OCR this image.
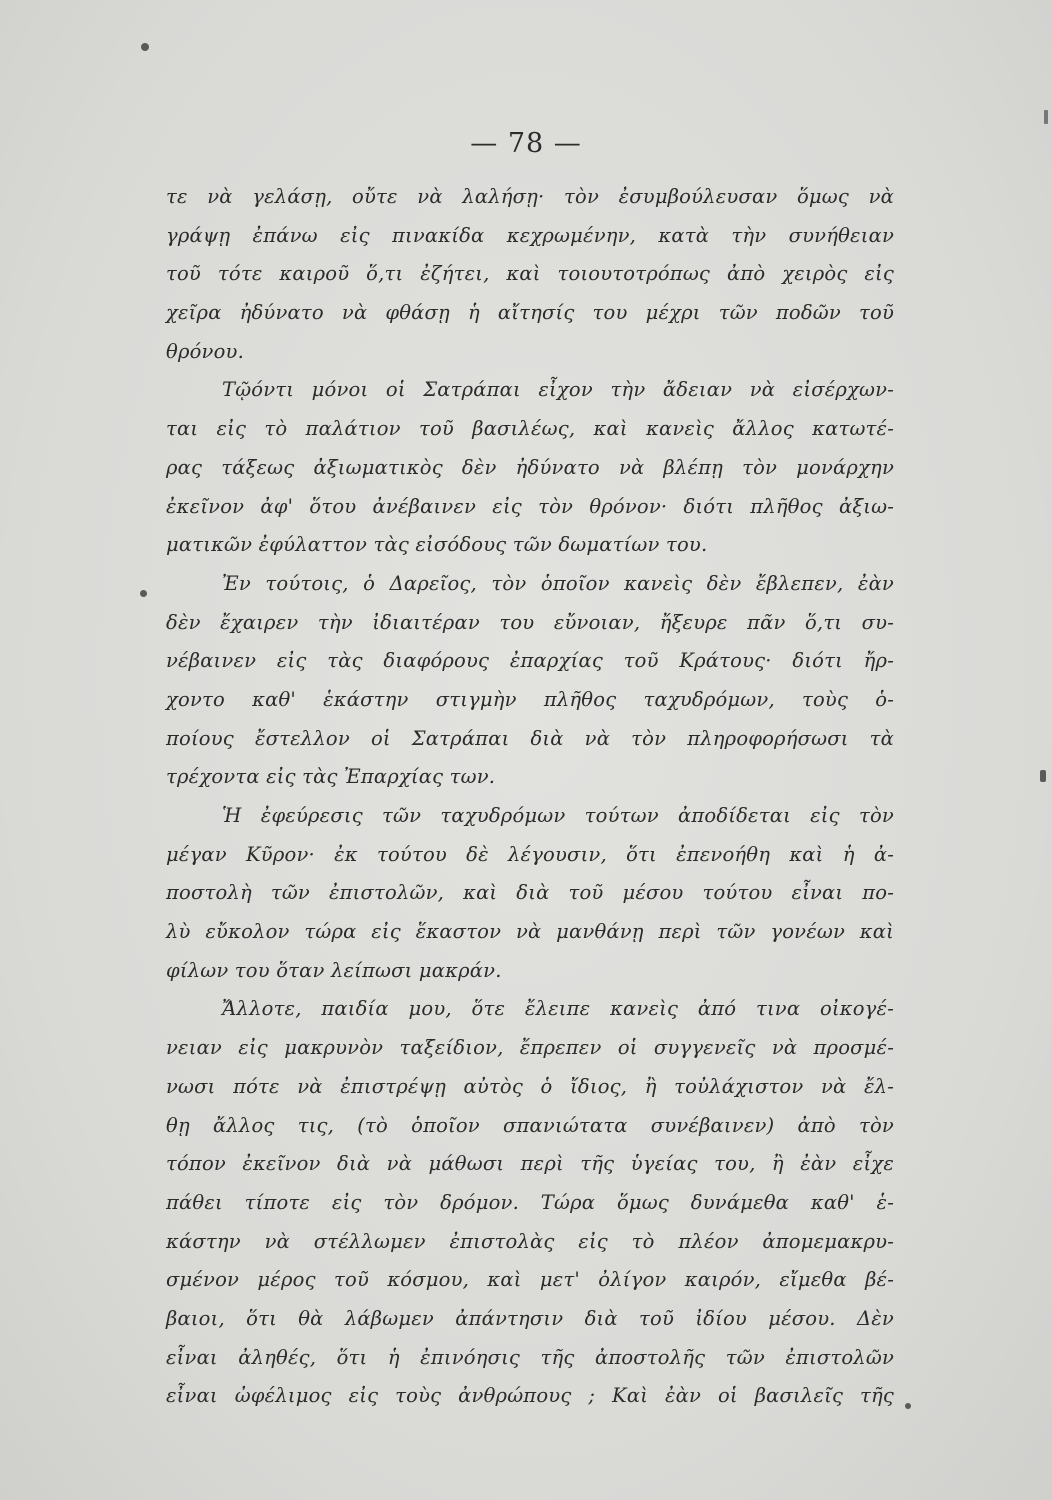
— 78 —
τε νὰ γελάσῃ, οὔτε νὰ λαλήσῃ· τὸν ἐσυμβούλευσαν ὅμως νὰ
γράψῃ ἐπάνω εἰς πινακίδα κεχρωμένην, κατὰ τὴν συνήθειαν
τοῦ τότε καιροῦ ὅ,τι ἐζήτει, καὶ τοιουτοτρόπως ἀπὸ χειρὸς εἰς
χεῖρα ἠδύνατο νὰ φθάσῃ ἡ αἴτησίς του μέχρι τῶν ποδῶν τοῦ
θρόνου.
Τῷόντι μόνοι οἱ Σατράπαι εἶχον τὴν ἄδειαν νὰ εἰσέρχων-
ται εἰς τὸ παλάτιον τοῦ βασιλέως, καὶ κανεὶς ἄλλος κατωτέ-
ρας τάξεως ἀξιωματικὸς δὲν ἠδύνατο νὰ βλέπῃ τὸν μονάρχην
ἐκεῖνον ἀφ' ὅτου ἀνέβαινεν εἰς τὸν θρόνον· διότι πλῆθος ἀξιω-
ματικῶν ἐφύλαττον τὰς εἰσόδους τῶν δωματίων του.
Ἐν τούτοις, ὁ Δαρεῖος, τὸν ὁποῖον κανεὶς δὲν ἔβλεπεν, ἐὰν
δὲν ἔχαιρεν τὴν ἰδιαιτέραν του εὔνοιαν, ἤξευρε πᾶν ὅ,τι συ-
νέβαινεν εἰς τὰς διαφόρους ἐπαρχίας τοῦ Κράτους· διότι ἤρ-
χοντο καθ' ἑκάστην στιγμὴν πλῆθος ταχυδρόμων, τοὺς ὁ-
ποίους ἔστελλον οἱ Σατράπαι διὰ νὰ τὸν πληροφορήσωσι τὰ
τρέχοντα εἰς τὰς Ἐπαρχίας των.
Ἡ ἐφεύρεσις τῶν ταχυδρόμων τούτων ἀποδίδεται εἰς τὸν
μέγαν Κῦρον· ἐκ τούτου δὲ λέγουσιν, ὅτι ἐπενοήθη καὶ ἡ ἀ-
ποστολὴ τῶν ἐπιστολῶν, καὶ διὰ τοῦ μέσου τούτου εἶναι πο-
λὺ εὔκολον τώρα εἰς ἕκαστον νὰ μανθάνῃ περὶ τῶν γονέων καὶ
φίλων του ὅταν λείπωσι μακράν.
Ἄλλοτε, παιδία μου, ὅτε ἔλειπε κανεὶς ἀπό τινα οἰκογέ-
νειαν εἰς μακρυνὸν ταξείδιον, ἔπρεπεν οἱ συγγενεῖς νὰ προσμέ-
νωσι πότε νὰ ἐπιστρέψῃ αὐτὸς ὁ ἴδιος, ἢ τοὐλάχιστον νὰ ἔλ-
θῃ ἄλλος τις, (τὸ ὁποῖον σπανιώτατα συνέβαινεν) ἀπὸ τὸν
τόπον ἐκεῖνον διὰ νὰ μάθωσι περὶ τῆς ὑγείας του, ἢ ἐὰν εἶχε
πάθει τίποτε εἰς τὸν δρόμον. Τώρα ὅμως δυνάμεθα καθ' ἑ-
κάστην νὰ στέλλωμεν ἐπιστολὰς εἰς τὸ πλέον ἀπομεμακρυ-
σμένον μέρος τοῦ κόσμου, καὶ μετ' ὀλίγον καιρόν, εἴμεθα βέ-
βαιοι, ὅτι θὰ λάβωμεν ἀπάντησιν διὰ τοῦ ἰδίου μέσου. Δὲν
εἶναι ἀληθές, ὅτι ἡ ἐπινόησις τῆς ἀποστολῆς τῶν ἐπιστολῶν
εἶναι ὠφέλιμος εἰς τοὺς ἀνθρώπους ; Καὶ ἐὰν οἱ βασιλεῖς τῆς
